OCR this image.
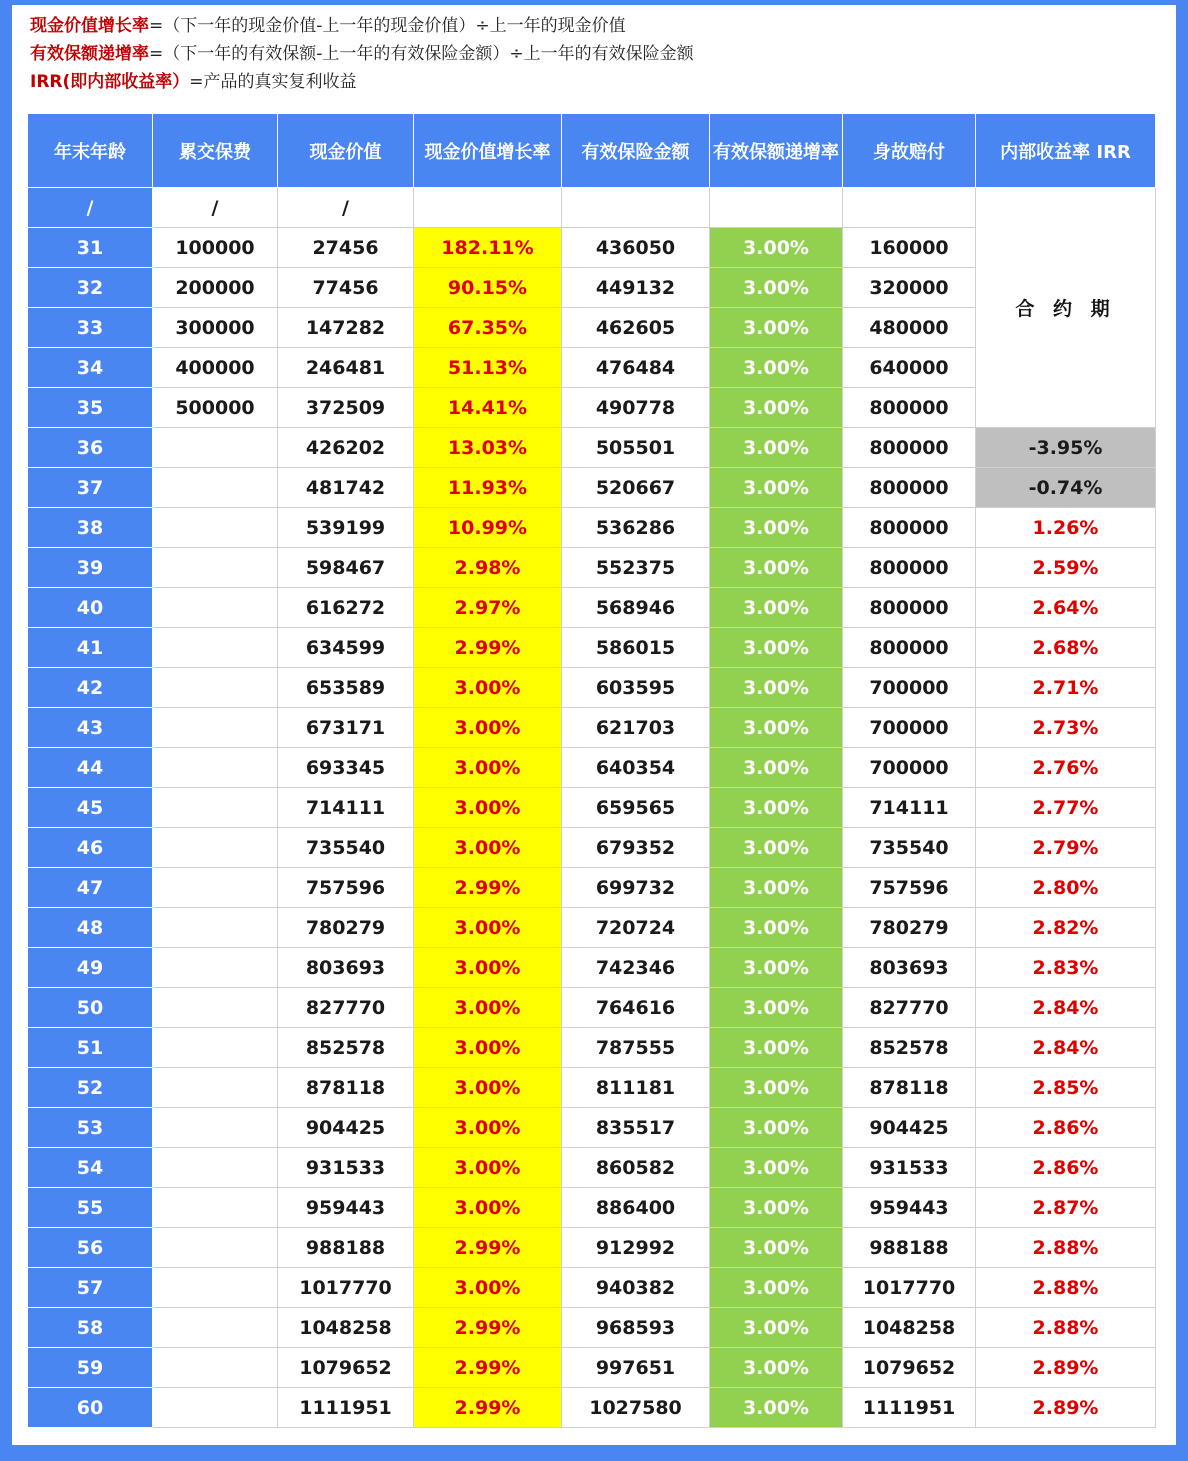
现金价值增长率=（下一年的现金价值-上一年的现金价值）÷上一年的现金价值
有效保额递增率=（下一年的有效保额-上一年的有效保险金额）÷上一年的有效保险金额
IRR(即内部收益率）=产品的真实复利收益
年末年龄	累交保费	现金价值	现金价值增长率	有效保险金额	有效保额递增率	身故赔付	内部收益率 IRR
/	/	/					合 约 期
31	100000	27456	182.11%	436050	3.00%	160000	
32	200000	77456	90.15%	449132	3.00%	320000	
33	300000	147282	67.35%	462605	3.00%	480000	
34	400000	246481	51.13%	476484	3.00%	640000	
35	500000	372509	14.41%	490778	3.00%	800000	
36		426202	13.03%	505501	3.00%	800000	-3.95%
37		481742	11.93%	520667	3.00%	800000	-0.74%
38		539199	10.99%	536286	3.00%	800000	1.26%
39		598467	2.98%	552375	3.00%	800000	2.59%
40		616272	2.97%	568946	3.00%	800000	2.64%
41		634599	2.99%	586015	3.00%	800000	2.68%
42		653589	3.00%	603595	3.00%	700000	2.71%
43		673171	3.00%	621703	3.00%	700000	2.73%
44		693345	3.00%	640354	3.00%	700000	2.76%
45		714111	3.00%	659565	3.00%	714111	2.77%
46		735540	3.00%	679352	3.00%	735540	2.79%
47		757596	2.99%	699732	3.00%	757596	2.80%
48		780279	3.00%	720724	3.00%	780279	2.82%
49		803693	3.00%	742346	3.00%	803693	2.83%
50		827770	3.00%	764616	3.00%	827770	2.84%
51		852578	3.00%	787555	3.00%	852578	2.84%
52		878118	3.00%	811181	3.00%	878118	2.85%
53		904425	3.00%	835517	3.00%	904425	2.86%
54		931533	3.00%	860582	3.00%	931533	2.86%
55		959443	3.00%	886400	3.00%	959443	2.87%
56		988188	2.99%	912992	3.00%	988188	2.88%
57		1017770	3.00%	940382	3.00%	1017770	2.88%
58		1048258	2.99%	968593	3.00%	1048258	2.88%
59		1079652	2.99%	997651	3.00%	1079652	2.89%
60		1111951	2.99%	1027580	3.00%	1111951	2.89%
